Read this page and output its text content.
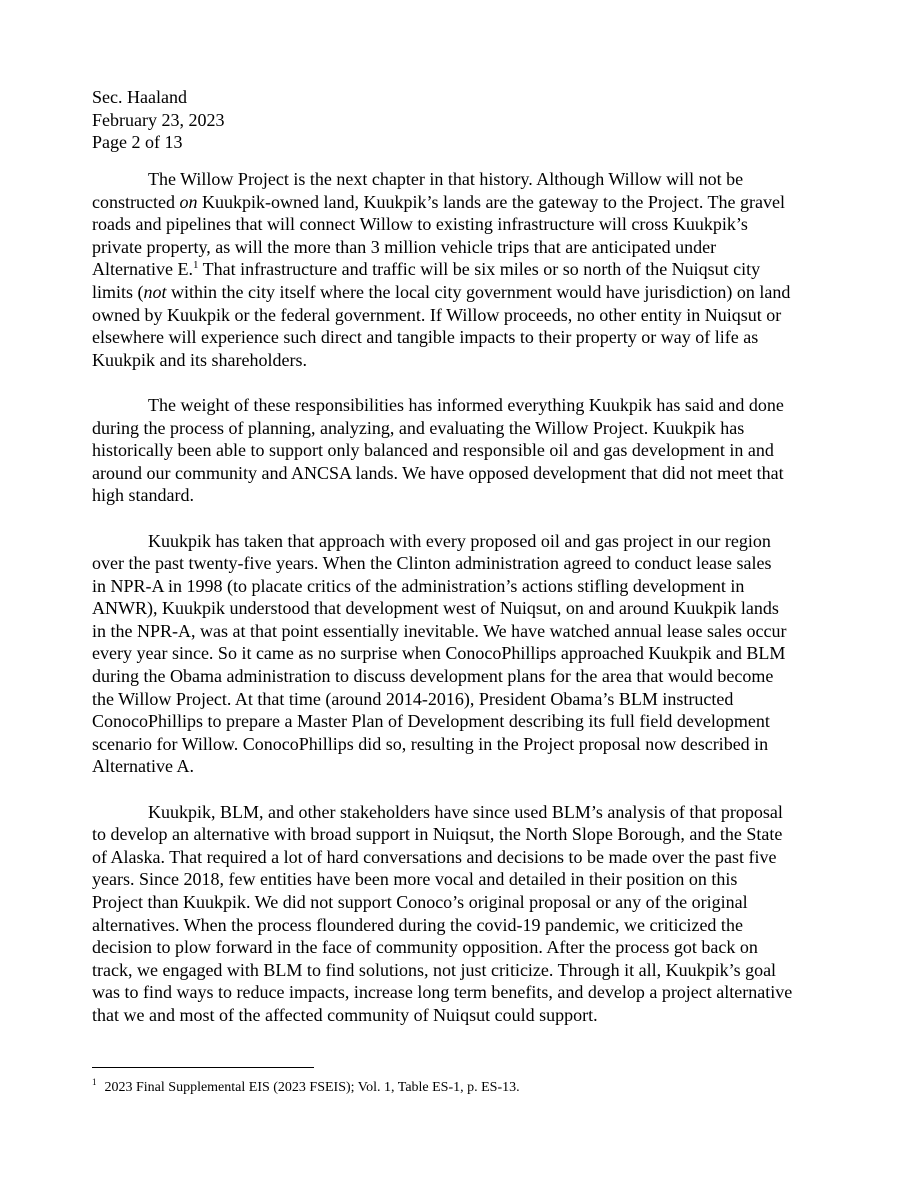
Sec. Haaland
February 23, 2023
Page 2 of 13
The Willow Project is the next chapter in that history. Although Willow will not be
constructed on Kuukpik-owned land, Kuukpik’s lands are the gateway to the Project. The gravel
roads and pipelines that will connect Willow to existing infrastructure will cross Kuukpik’s
private property, as will the more than 3 million vehicle trips that are anticipated under
Alternative E.$^1$ That infrastructure and traffic will be six miles or so north of the Nuiqsut city
limits (not within the city itself where the local city government would have jurisdiction) on land
owned by Kuukpik or the federal government. If Willow proceeds, no other entity in Nuiqsut or
elsewhere will experience such direct and tangible impacts to their property or way of life as
Kuukpik and its shareholders.
The weight of these responsibilities has informed everything Kuukpik has said and done
during the process of planning, analyzing, and evaluating the Willow Project. Kuukpik has
historically been able to support only balanced and responsible oil and gas development in and
around our community and ANCSA lands. We have opposed development that did not meet that
high standard.
Kuukpik has taken that approach with every proposed oil and gas project in our region
over the past twenty-five years. When the Clinton administration agreed to conduct lease sales
in NPR-A in 1998 (to placate critics of the administration’s actions stifling development in
ANWR), Kuukpik understood that development west of Nuiqsut, on and around Kuukpik lands
in the NPR-A, was at that point essentially inevitable. We have watched annual lease sales occur
every year since. So it came as no surprise when ConocoPhillips approached Kuukpik and BLM
during the Obama administration to discuss development plans for the area that would become
the Willow Project. At that time (around 2014-2016), President Obama’s BLM instructed
ConocoPhillips to prepare a Master Plan of Development describing its full field development
scenario for Willow. ConocoPhillips did so, resulting in the Project proposal now described in
Alternative A.
Kuukpik, BLM, and other stakeholders have since used BLM’s analysis of that proposal
to develop an alternative with broad support in Nuiqsut, the North Slope Borough, and the State
of Alaska. That required a lot of hard conversations and decisions to be made over the past five
years. Since 2018, few entities have been more vocal and detailed in their position on this
Project than Kuukpik. We did not support Conoco’s original proposal or any of the original
alternatives. When the process floundered during the covid-19 pandemic, we criticized the
decision to plow forward in the face of community opposition. After the process got back on
track, we engaged with BLM to find solutions, not just criticize. Through it all, Kuukpik’s goal
was to find ways to reduce impacts, increase long term benefits, and develop a project alternative
that we and most of the affected community of Nuiqsut could support.
$^1$ 2023 Final Supplemental EIS (2023 FSEIS); Vol. 1, Table ES-1, p. ES-13.
